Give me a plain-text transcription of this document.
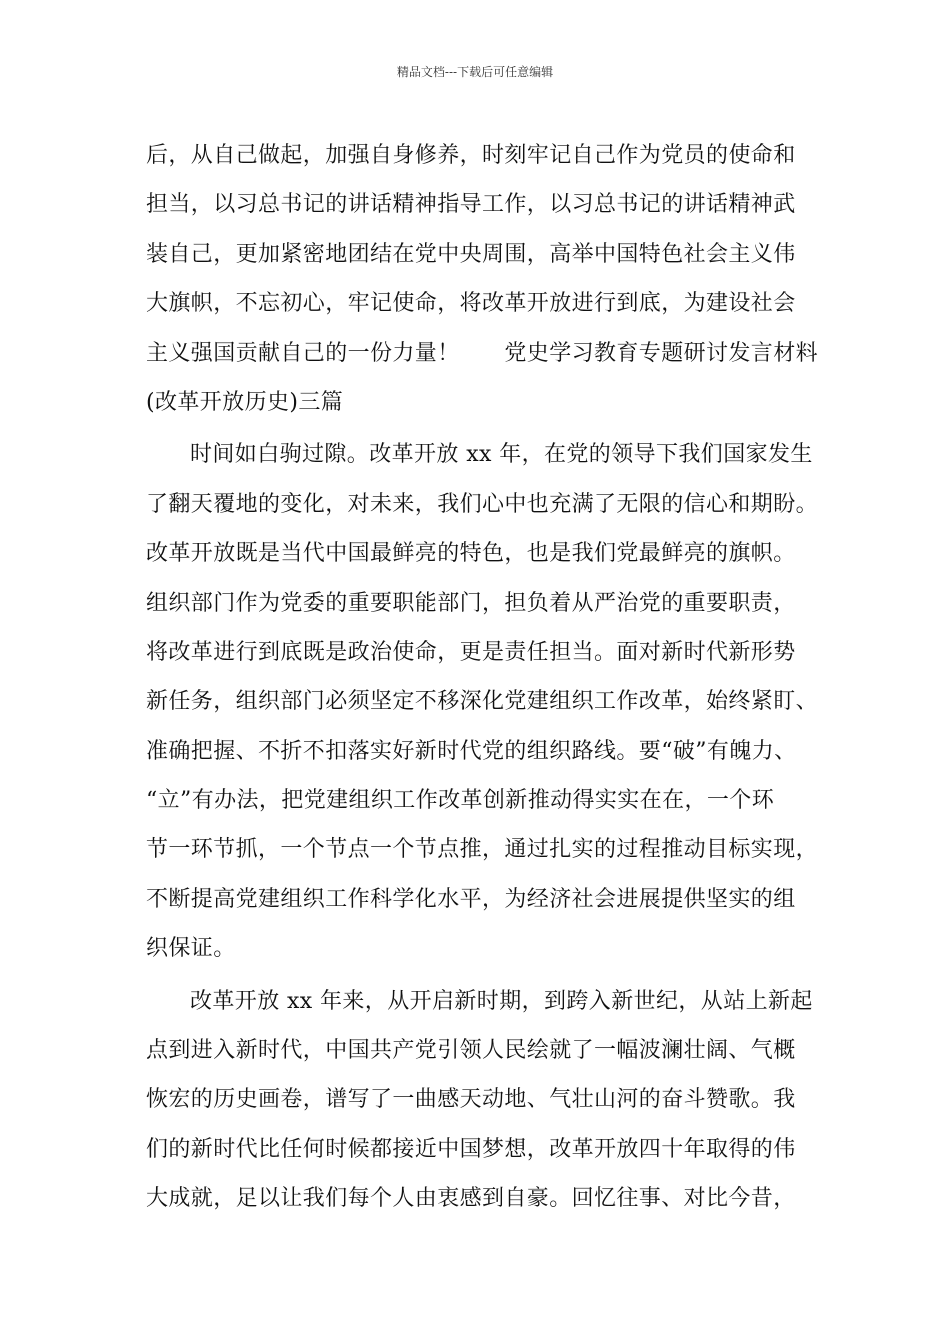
精品文档---下载后可任意编辑
后，从自己做起，加强自身修养，时刻牢记自己作为党员的使命和
担当，以习总书记的讲话精神指导工作，以习总书记的讲话精神武
装自己，更加紧密地团结在党中央周围，高举中国特色社会主义伟
大旗帜，不忘初心，牢记使命，将改革开放进行到底，为建设社会
主义强国贡献自己的一份力量！　　党史学习教育专题研讨发言材料
(改革开放历史)三篇
时间如白驹过隙。改革开放 xx 年，在党的领导下我们国家发生
了翻天覆地的变化，对未来，我们心中也充满了无限的信心和期盼。
改革开放既是当代中国最鲜亮的特色，也是我们党最鲜亮的旗帜。
组织部门作为党委的重要职能部门，担负着从严治党的重要职责，
将改革进行到底既是政治使命，更是责任担当。面对新时代新形势
新任务，组织部门必须坚定不移深化党建组织工作改革，始终紧盯、
准确把握、不折不扣落实好新时代党的组织路线。要“破”有魄力、
“立”有办法，把党建组织工作改革创新推动得实实在在，一个环
节一环节抓，一个节点一个节点推，通过扎实的过程推动目标实现，
不断提高党建组织工作科学化水平，为经济社会进展提供坚实的组
织保证。
改革开放 xx 年来，从开启新时期，到跨入新世纪，从站上新起
点到进入新时代，中国共产党引领人民绘就了一幅波澜壮阔、气概
恢宏的历史画卷，谱写了一曲感天动地、气壮山河的奋斗赞歌。我
们的新时代比任何时候都接近中国梦想，改革开放四十年取得的伟
大成就，足以让我们每个人由衷感到自豪。回忆往事、对比今昔，
